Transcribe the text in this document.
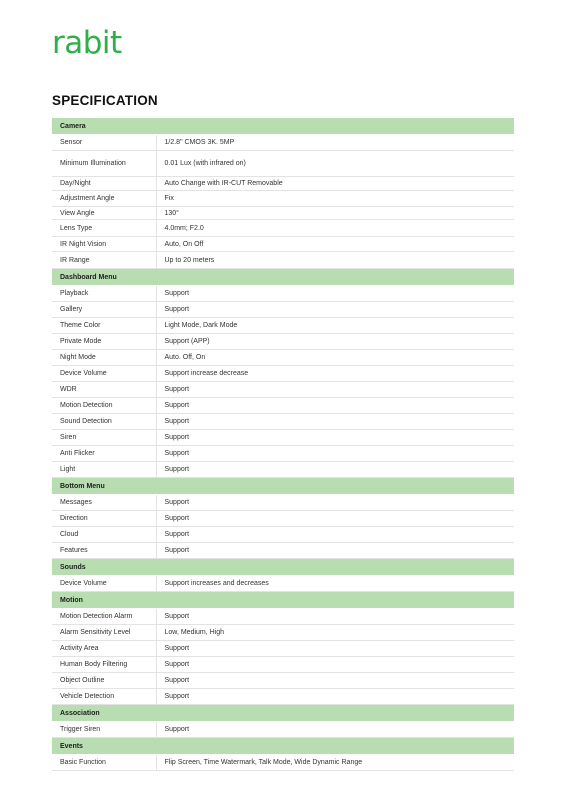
rabit
SPECIFICATION
Camera	
Sensor	1/2.8" CMOS 3K. 5MP
Minimum Illumination	0.01 Lux (with infrared on)
Day/Night	Auto Change with IR-CUT Removable
Adjustment Angle	Fix
View Angle	130°
Lens Type	4.0mm; F2.0
IR Night Vision	Auto, On Off
IR Range	Up to 20 meters
Dashboard Menu	
Playback	Support
Gallery	Support
Theme Color	Light Mode, Dark Mode
Private Mode	Support (APP)
Night Mode	Auto. Off, On
Device Volume	Support increase decrease
WDR	Support
Motion Detection	Support
Sound Detection	Support
Siren	Support
Anti Flicker	Support
Light	Support
Bottom Menu	
Messages	Support
Direction	Support
Cloud	Support
Features	Support
Sounds	
Device Volume	Support increases and decreases
Motion	
Motion Detection Alarm	Support
Alarm Sensitivity Level	Low, Medium, High
Activity Area	Support
Human Body Filtering	Support
Object Outline	Support
Vehicle Detection	Support
Association	
Trigger Siren	Support
Events	
Basic Function	Flip Screen, Time Watermark, Talk Mode, Wide Dynamic Range
